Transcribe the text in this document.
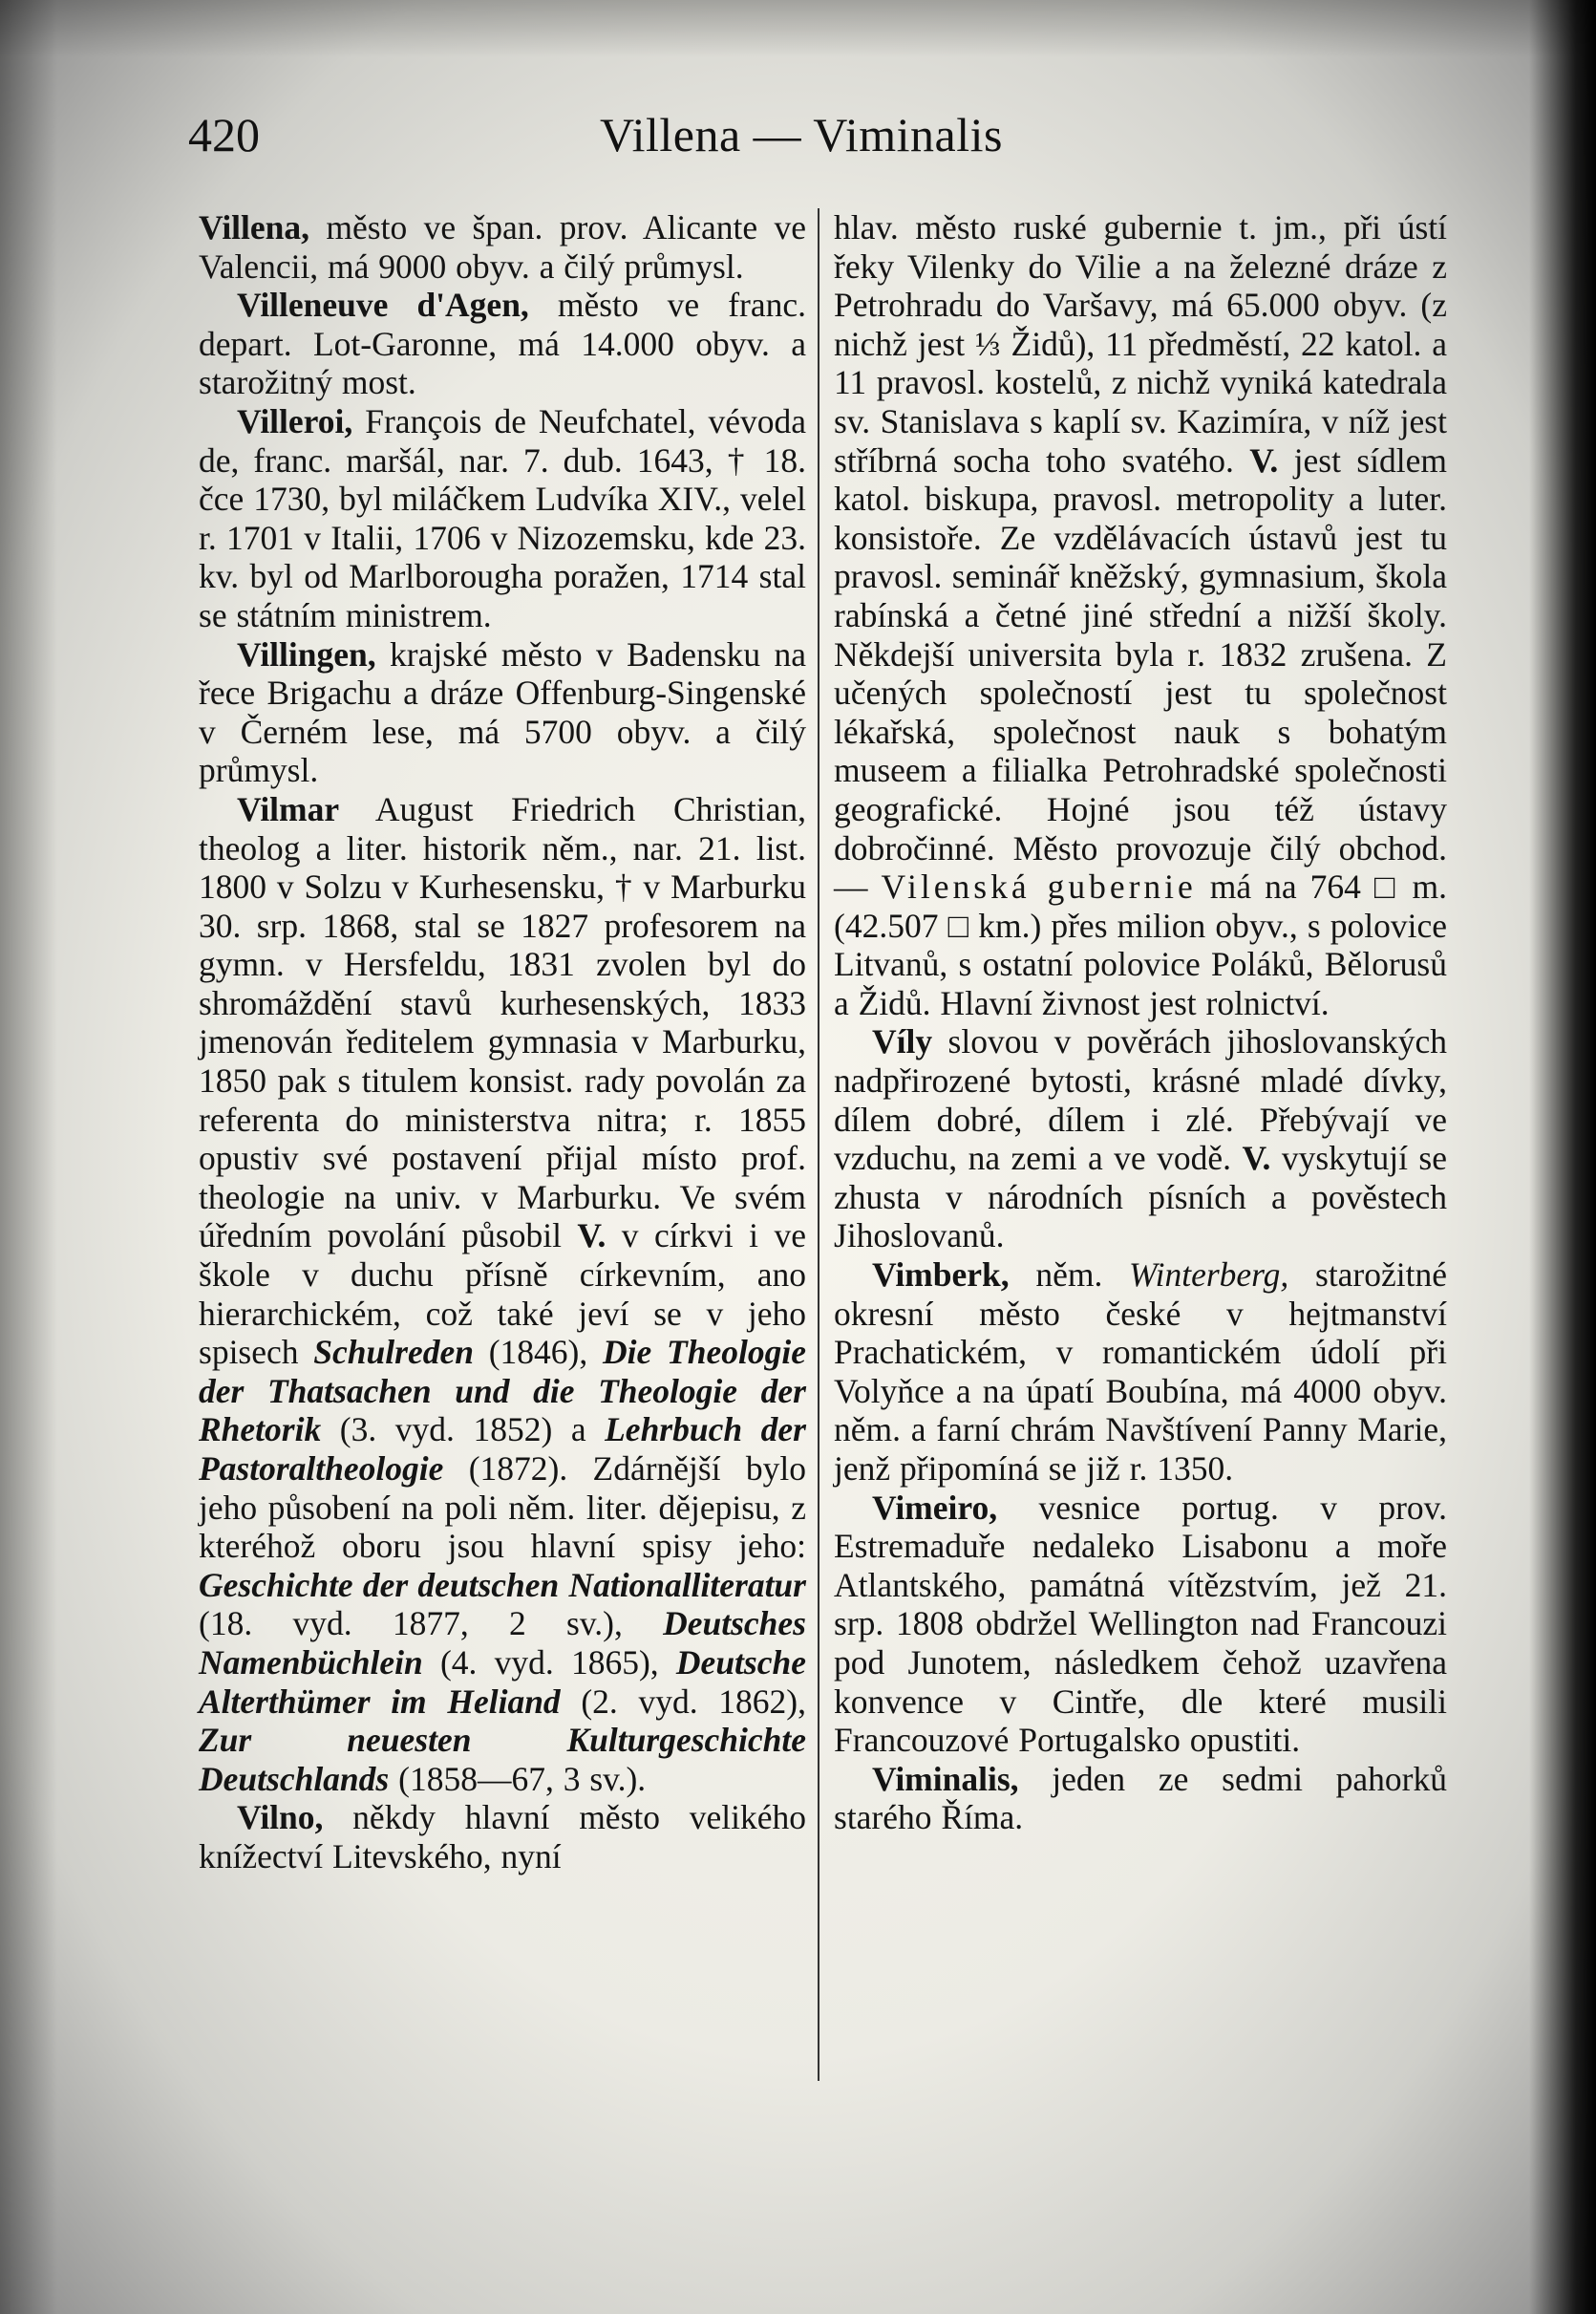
420	Villena — Viminalis

Villena, město ve špan. prov. Alicante ve Valencii, má 9000 obyv. a čilý průmysl.

Villeneuve d'Agen, město ve franc. depart. Lot-Garonne, má 14.000 obyv. a starožitný most.

Villeroi, François de Neufchatel, vévoda de, franc. maršál, nar. 7. dub. 1643, † 18. čce 1730, byl miláčkem Ludvíka XIV., velel r. 1701 v Italii, 1706 v Nizozemsku, kde 23. kv. byl od Marlborougha poražen, 1714 stal se státním ministrem.

Villingen, krajské město v Badensku na řece Brigachu a dráze Offenburg-Singenské v Černém lese, má 5700 obyv. a čilý průmysl.

Vilmar August Friedrich Christian, theolog a liter. historik něm., nar. 21. list. 1800 v Solzu v Kurhesensku, † v Marburku 30. srp. 1868, stal se 1827 profesorem na gymn. v Hersfeldu, 1831 zvolen byl do shromáždění stavů kurhesenských, 1833 jmenován ředitelem gymnasia v Marburku, 1850 pak s titulem konsist. rady povolán za referenta do ministerstva nitra; r. 1855 opustiv své postavení přijal místo prof. theologie na univ. v Marburku. Ve svém úředním povolání působil V. v církvi i ve škole v duchu přísně církevním, ano hierarchickém, což také jeví se v jeho spisech Schulreden (1846), Die Theologie der Thatsachen und die Theologie der Rhetorik (3. vyd. 1852) a Lehrbuch der Pastoraltheologie (1872). Zdárnější bylo jeho působení na poli něm. liter. dějepisu, z kteréhož oboru jsou hlavní spisy jeho: Geschichte der deutschen Nationalliteratur (18. vyd. 1877, 2 sv.), Deutsches Namenbüchlein (4. vyd. 1865), Deutsche Alterthümer im Heliand (2. vyd. 1862), Zur neuesten Kulturgeschichte Deutschlands (1858—67, 3 sv.).

Vilno, někdy hlavní město velikého knížectví Litevského, nyní

hlav. město ruské gubernie t. jm., při ústí řeky Vilenky do Vilie a na železné dráze z Petrohradu do Varšavy, má 65.000 obyv. (z nichž jest ⅓ Židů), 11 předměstí, 22 katol. a 11 pravosl. kostelů, z nichž vyniká katedrala sv. Stanislava s kaplí sv. Kazimíra, v níž jest stříbrná socha toho svatého. V. jest sídlem katol. biskupa, pravosl. metropolity a luter. konsistoře. Ze vzdělávacích ústavů jest tu pravosl. seminář kněžský, gymnasium, škola rabínská a četné jiné střední a nižší školy. Někdejší universita byla r. 1832 zrušena. Z učených společností jest tu společnost lékařská, společnost nauk s bohatým museem a filialka Petrohradské společnosti geografické. Hojné jsou též ústavy dobročinné. Město provozuje čilý obchod. — Vilenská gubernie má na 764 □ m. (42.507 □ km.) přes milion obyv., s polovice Litvanů, s ostatní polovice Poláků, Bělorusů a Židů. Hlavní živnost jest rolnictví.

Víly slovou v pověrách jihoslovanských nadpřirozené bytosti, krásné mladé dívky, dílem dobré, dílem i zlé. Přebývají ve vzduchu, na zemi a ve vodě. V. vyskytují se zhusta v národních písních a pověstech Jihoslovanů.

Vimberk, něm. Winterberg, starožitné okresní město české v hejtmanství Prachatickém, v romantickém údolí při Volyňce a na úpatí Boubína, má 4000 obyv. něm. a farní chrám Navštívení Panny Marie, jenž připomíná se již r. 1350.

Vimeiro, vesnice portug. v prov. Estremaduře nedaleko Lisabonu a moře Atlantského, památná vítězstvím, jež 21. srp. 1808 obdržel Wellington nad Francouzi pod Junotem, následkem čehož uzavřena konvence v Cintře, dle které musili Francouzové Portugalsko opustiti.

Viminalis, jeden ze sedmi pahorků starého Říma.
